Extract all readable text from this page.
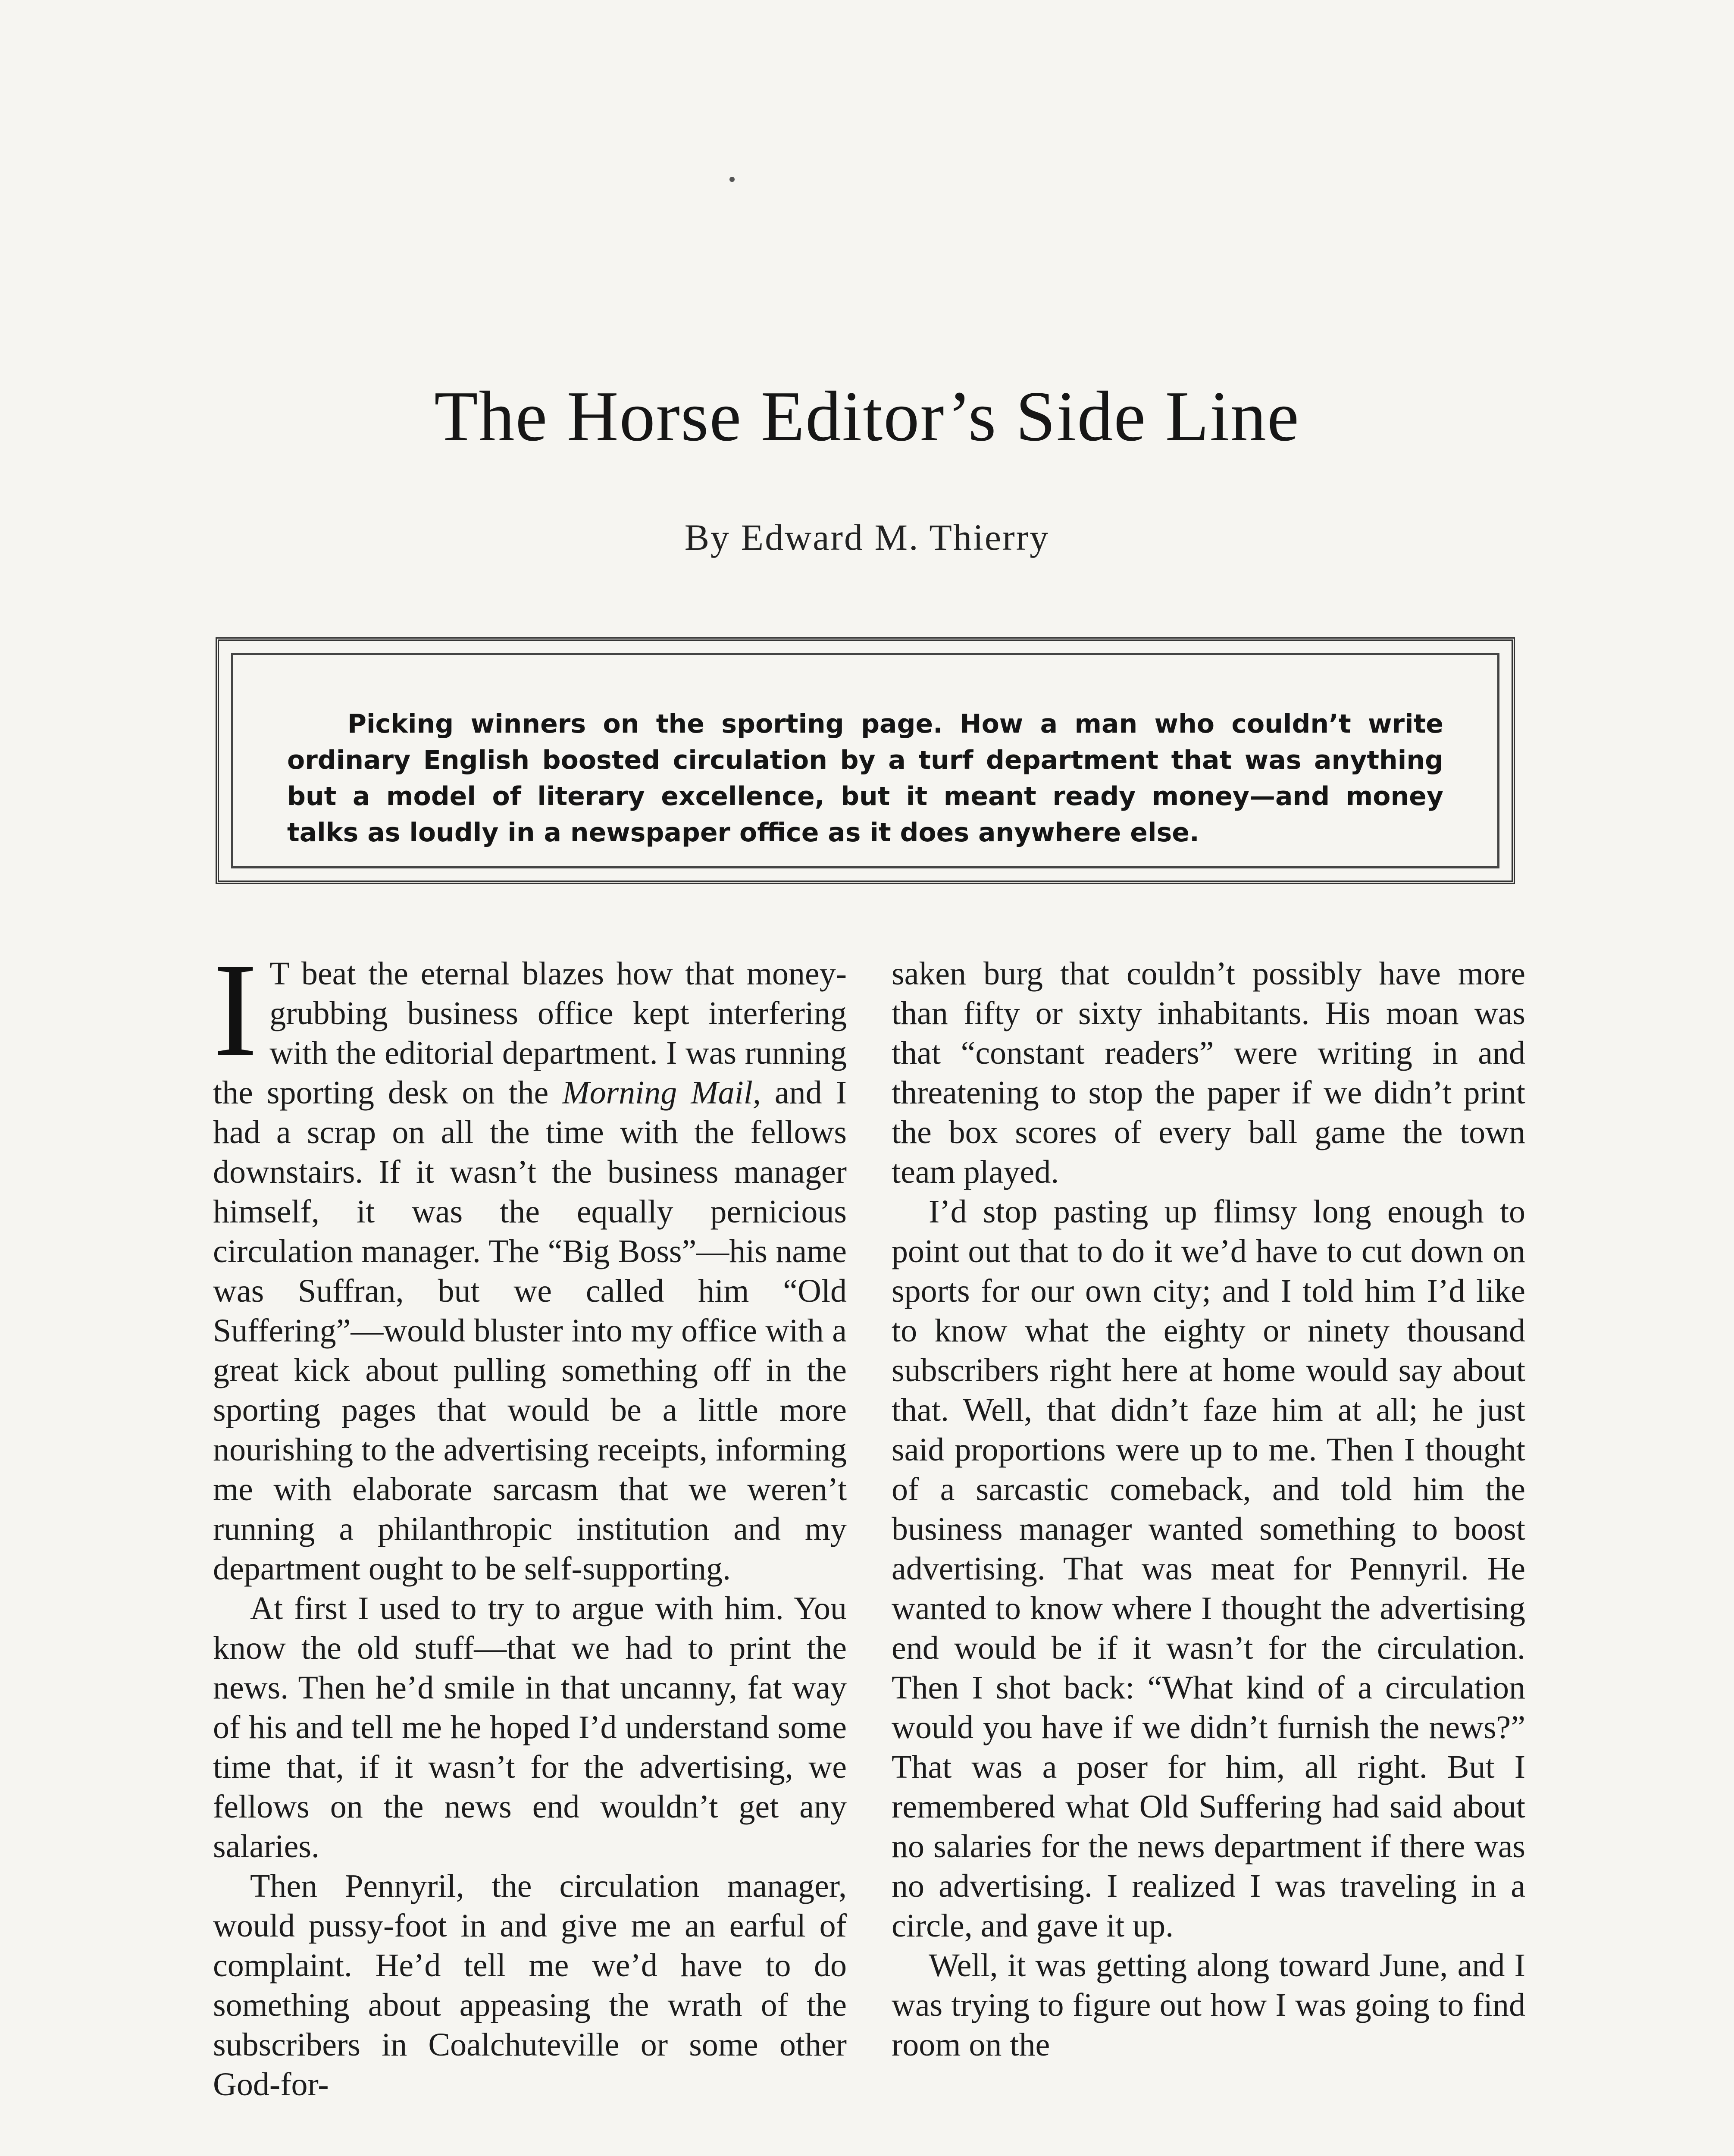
The Horse Editor’s Side Line

By Edward M. Thierry

Picking winners on the sporting page. How a man who couldn’t write ordinary English boosted circulation by a turf department that was anything but a model of literary excellence, but it meant ready money—and money talks as loudly in a newspaper office as it does anywhere else.

I T beat the eternal blazes how that money-grubbing business office kept interfering with the editorial department. I was running the sporting desk on the Morning Mail, and I had a scrap on all the time with the fellows downstairs. If it wasn’t the business manager himself, it was the equally pernicious circulation manager. The “Big Boss”—his name was Suffran, but we called him “Old Suffering”—would bluster into my office with a great kick about pulling something off in the sporting pages that would be a little more nourishing to the advertising receipts, informing me with elaborate sarcasm that we weren’t running a philanthropic institution and my department ought to be self-supporting.

At first I used to try to argue with him. You know the old stuff—that we had to print the news. Then he’d smile in that uncanny, fat way of his and tell me he hoped I’d understand some time that, if it wasn’t for the advertising, we fellows on the news end wouldn’t get any salaries.

Then Pennyril, the circulation manager, would pussy-foot in and give me an earful of complaint. He’d tell me we’d have to do something about appeasing the wrath of the subscribers in Coalchuteville or some other God-for-

saken burg that couldn’t possibly have more than fifty or sixty inhabitants. His moan was that “constant readers” were writing in and threatening to stop the paper if we didn’t print the box scores of every ball game the town team played.

I’d stop pasting up flimsy long enough to point out that to do it we’d have to cut down on sports for our own city; and I told him I’d like to know what the eighty or ninety thousand subscribers right here at home would say about that. Well, that didn’t faze him at all; he just said proportions were up to me. Then I thought of a sarcastic comeback, and told him the business manager wanted something to boost advertising. That was meat for Pennyril. He wanted to know where I thought the advertising end would be if it wasn’t for the circulation. Then I shot back: “What kind of a circulation would you have if we didn’t furnish the news?” That was a poser for him, all right. But I remembered what Old Suffering had said about no salaries for the news department if there was no advertising. I realized I was traveling in a circle, and gave it up.

Well, it was getting along toward June, and I was trying to figure out how I was going to find room on the
